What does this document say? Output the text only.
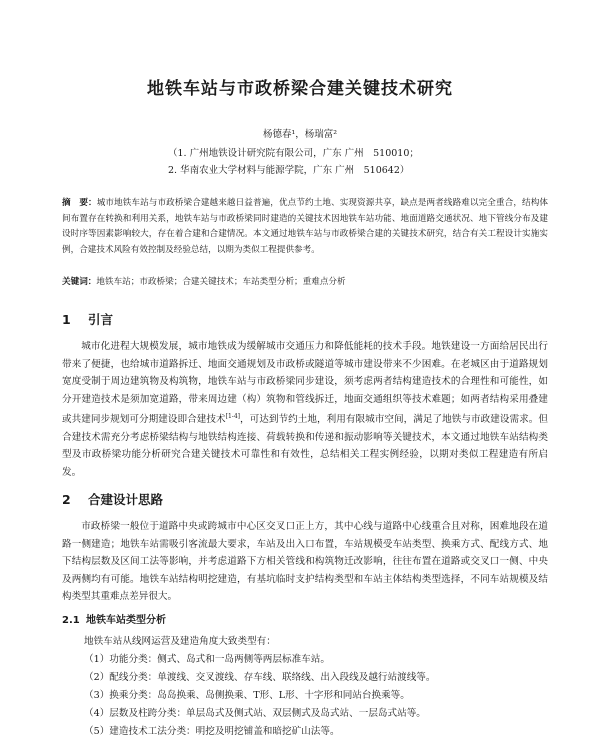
地铁车站与市政桥梁合建关键技术研究
杨德春¹，杨瑞富²
（1. 广州地铁设计研究院有限公司，广东 广州　510010；
2. 华南农业大学材料与能源学院，广东 广州　510642）
摘　要：城市地铁车站与市政桥梁合建越来越日益普遍，优点节约土地、实现资源共享，缺点是两者线路难以完全重合，结构体间布置存在转换和利用关系，地铁车站与市政桥梁同时建造的关键技术因地铁车站功能、地面道路交通状况、地下管线分布及建设时序等因素影响较大，存在着合建和合建情况。本文通过地铁车站与市政桥梁合建的关键技术研究，结合有关工程设计实施实例，合建技术风险有效控制及经验总结，以期为类似工程提供参考。
关键词：地铁车站；市政桥梁；合建关键技术；车站类型分析；重难点分析
1 引言
城市化进程大规模发展，城市地铁成为缓解城市交通压力和降低能耗的技术手段。地铁建设一方面给居民出行带来了便捷，也给城市道路拆迁、地面交通规划及市政桥或隧道等城市建设带来不少困难。在老城区由于道路规划宽度受制于周边建筑物及构筑物，地铁车站与市政桥梁同步建设，须考虑两者结构建造技术的合理性和可能性，如分开建造技术是须加宽道路，带来周边建（构）筑物和管线拆迁，地面交通组织等技术难题；如两者结构采用叠建或共建同步规划可分期建设即合建技术[1-4]，可达到节约土地，利用有限城市空间，满足了地铁与市政建设需求。但合建技术需充分考虑桥梁结构与地铁结构连接、荷载转换和传递和振动影响等关键技术，本文通过地铁车站结构类型及市政桥梁功能分析研究合建关键技术可靠性和有效性，总结相关工程实例经验，以期对类似工程建造有所启发。
2 合建设计思路
市政桥梁一般位于道路中央或跨城市中心区交叉口正上方，其中心线与道路中心线重合且对称，困难地段在道路一侧建造；地铁车站需吸引客流最大要求，车站及出入口布置，车站规模受车站类型、换乘方式、配线方式、地下结构层数及区间工法等影响，并考虑道路下方相关管线和构筑物迁改影响，往往布置在道路或交叉口一侧、中央及两侧均有可能。地铁车站结构明挖建造，有基坑临时支护结构类型和车站主体结构类型选择，不同车站规模及结构类型其重难点差异很大。
2.1 地铁车站类型分析
地铁车站从线网运营及建造角度大致类型有：
（1）功能分类：侧式、岛式和一岛两侧等两层标准车站。
（2）配线分类：单渡线、交叉渡线、存车线、联络线、出入段线及越行站渡线等。
（3）换乘分类：岛岛换乘、岛侧换乘、T形、L形、十字形和同站台换乘等。
（4）层数及柱跨分类：单层岛式及侧式站、双层侧式及岛式站、一层岛式站等。
（5）建造技术工法分类：明挖及明挖铺盖和暗挖矿山法等。
